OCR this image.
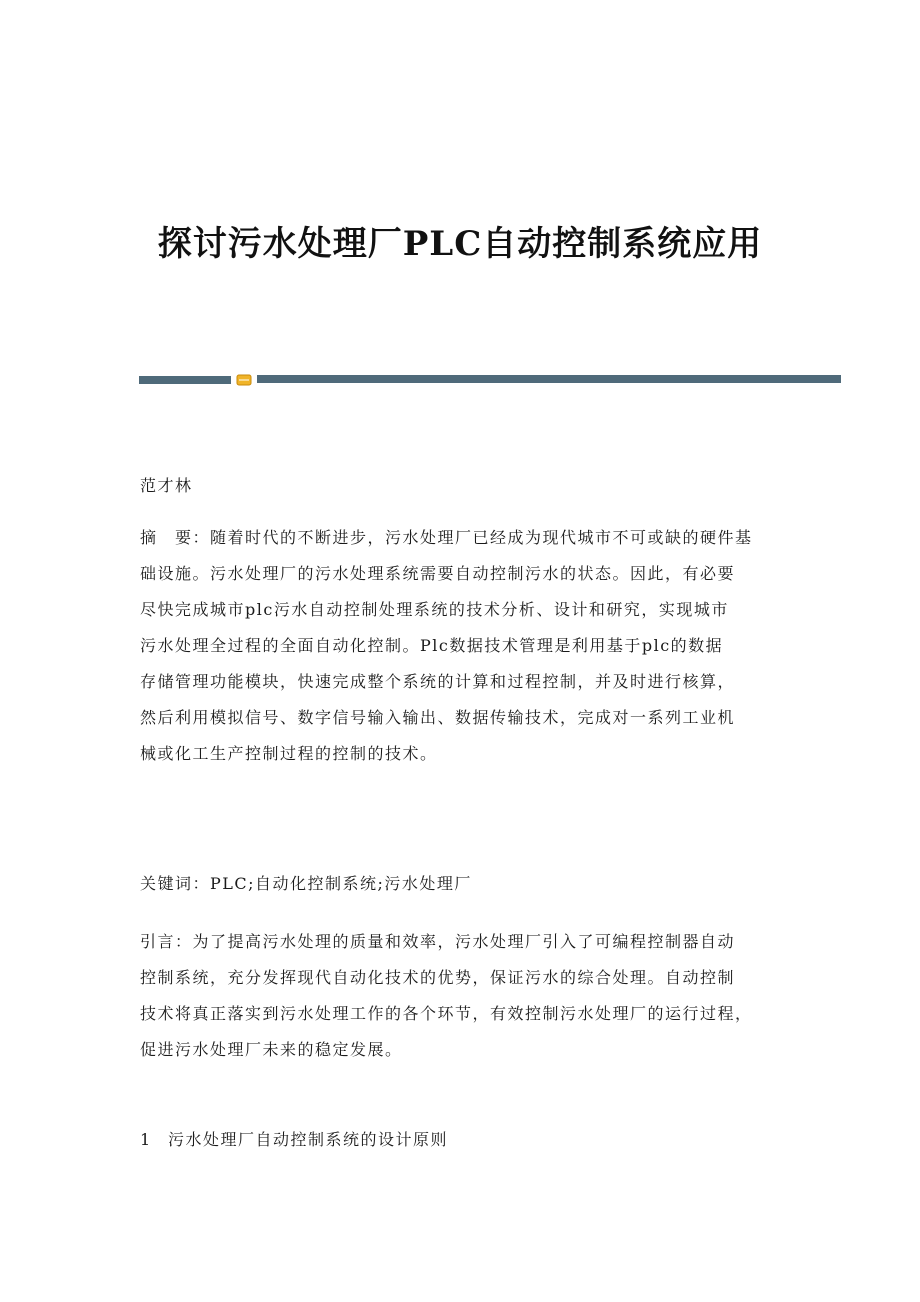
探讨污水处理厂PLC自动控制系统应用
范才林
摘　要：随着时代的不断进步，污水处理厂已经成为现代城市不可或缺的硬件基
础设施。污水处理厂的污水处理系统需要自动控制污水的状态。因此，有必要
尽快完成城市plc污水自动控制处理系统的技术分析、设计和研究，实现城市
污水处理全过程的全面自动化控制。Plc数据技术管理是利用基于plc的数据
存储管理功能模块，快速完成整个系统的计算和过程控制，并及时进行核算，
然后利用模拟信号、数字信号输入输出、数据传输技术，完成对一系列工业机
械或化工生产控制过程的控制的技术。
关键词：PLC;自动化控制系统;污水处理厂
引言：为了提高污水处理的质量和效率，污水处理厂引入了可编程控制器自动
控制系统，充分发挥现代自动化技术的优势，保证污水的综合处理。自动控制
技术将真正落实到污水处理工作的各个环节，有效控制污水处理厂的运行过程，
促进污水处理厂未来的稳定发展。
1 污水处理厂自动控制系统的设计原则
